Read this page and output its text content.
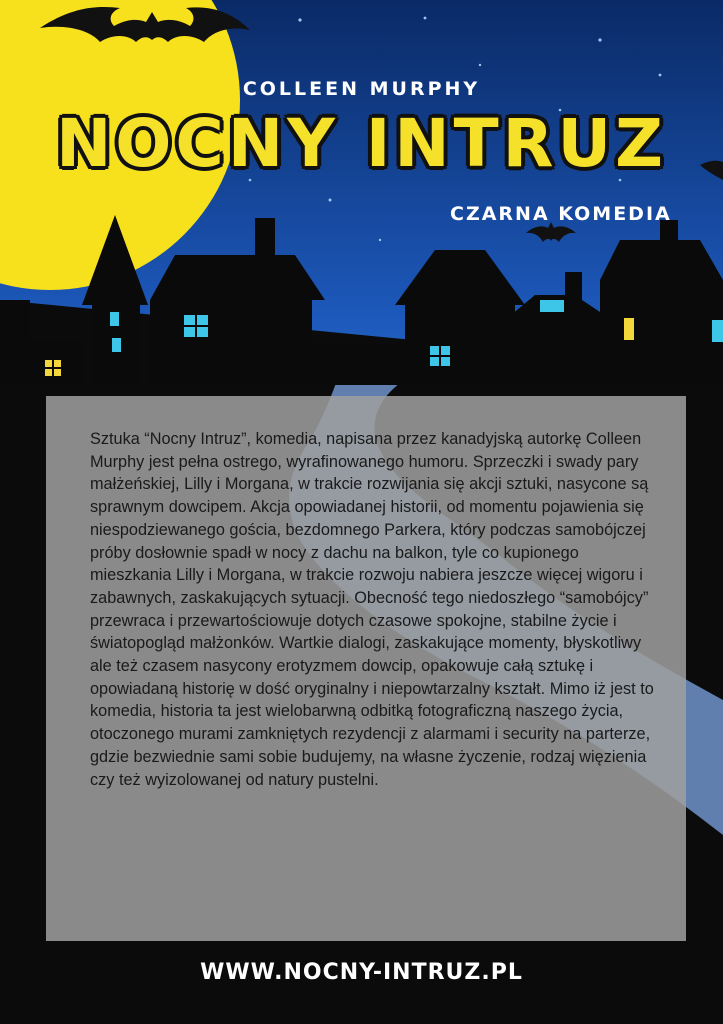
COLLEEN MURPHY
NOCNY INTRUZ
CZARNA KOMEDIA

Sztuka “Nocny Intruz”, komedia, napisana przez kanadyjską autorkę Colleen Murphy jest pełna ostrego, wyrafinowanego humoru. Sprzeczki i swady pary małżeńskiej, Lilly i Morgana, w trakcie rozwijania się akcji sztuki, nasycone są sprawnym dowcipem. Akcja opowiadanej historii, od momentu pojawienia się niespodziewanego gościa, bezdomnego Parkera, który podczas samobójczej próby dosłownie spadł w nocy z dachu na balkon, tyle co kupionego mieszkania Lilly i Morgana, w trakcie rozwoju nabiera jeszcze więcej wigoru i zabawnych, zaskakujących sytuacji. Obecność tego niedoszłego “samobójcy” przewraca i przewartościowuje dotych czasowe spokojne, stabilne życie i światopogląd małżonków. Wartkie dialogi, zaskakujące momenty, błyskotliwy ale też czasem nasycony erotyzmem dowcip, opakowuje całą sztukę i opowiadaną historię w dość oryginalny i niepowtarzalny kształt. Mimo iż jest to komedia, historia ta jest wielobarwną odbitką fotograficzną naszego życia, otoczonego murami zamkniętych rezydencji z alarmami i security na parterze, gdzie bezwiednie sami sobie budujemy, na własne życzenie, rodzaj więzienia czy też wyizolowanej od natury pustelni.

WWW.NOCNY-INTRUZ.PL
